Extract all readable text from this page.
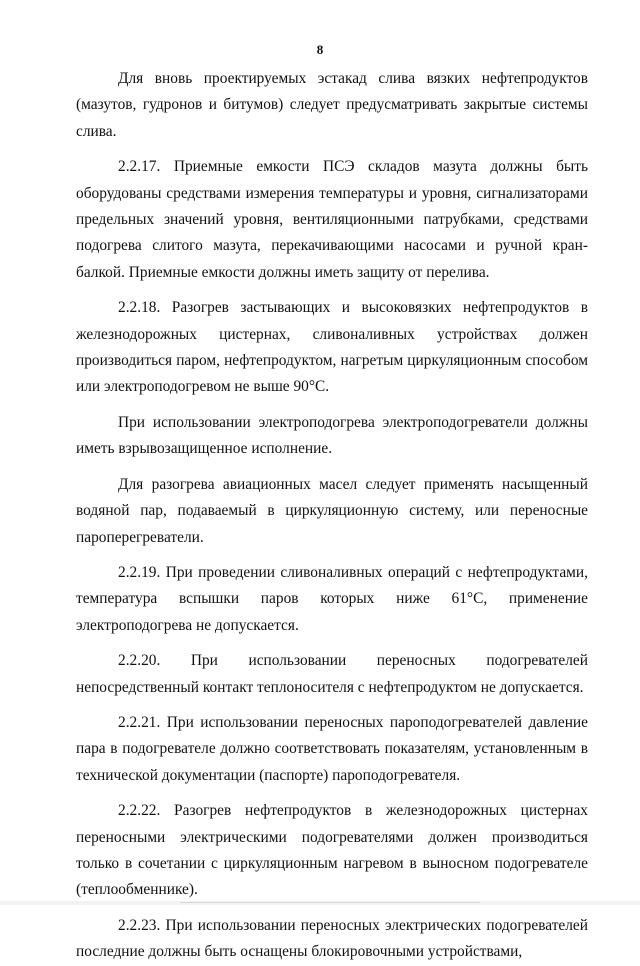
8

Для вновь проектируемых эстакад слива вязких нефтепродуктов (мазутов, гудронов и битумов) следует предусматривать закрытые системы слива.

2.2.17. Приемные емкости ПСЭ складов мазута должны быть оборудованы средствами измерения температуры и уровня, сигнализаторами предельных значений уровня, вентиляционными патрубками, средствами подогрева слитого мазута, перекачивающими насосами и ручной кран-балкой. Приемные емкости должны иметь защиту от перелива.

2.2.18. Разогрев застывающих и высоковязких нефтепродуктов в железнодорожных цистернах, сливоналивных устройствах должен производиться паром, нефтепродуктом, нагретым циркуляционным способом или электроподогревом не выше 90°С.

При использовании электроподогрева электроподогреватели должны иметь взрывозащищенное исполнение.

Для разогрева авиационных масел следует применять насыщенный водяной пар, подаваемый в циркуляционную систему, или переносные пароперегреватели.

2.2.19. При проведении сливоналивных операций с нефтепродуктами, температура вспышки паров которых ниже 61°С, применение электроподогрева не допускается.

2.2.20. При использовании переносных подогревателей непосредственный контакт теплоносителя с нефтепродуктом не допускается.

2.2.21. При использовании переносных пароподогревателей давление пара в подогревателе должно соответствовать показателям, установленным в технической документации (паспорте) пароподогревателя.

2.2.22. Разогрев нефтепродуктов в железнодорожных цистернах переносными электрическими подогревателями должен производиться только в сочетании с циркуляционным нагревом в выносном подогревателе (теплообменнике).

2.2.23. При использовании переносных электрических подогревателей последние должны быть оснащены блокировочными устройствами,
